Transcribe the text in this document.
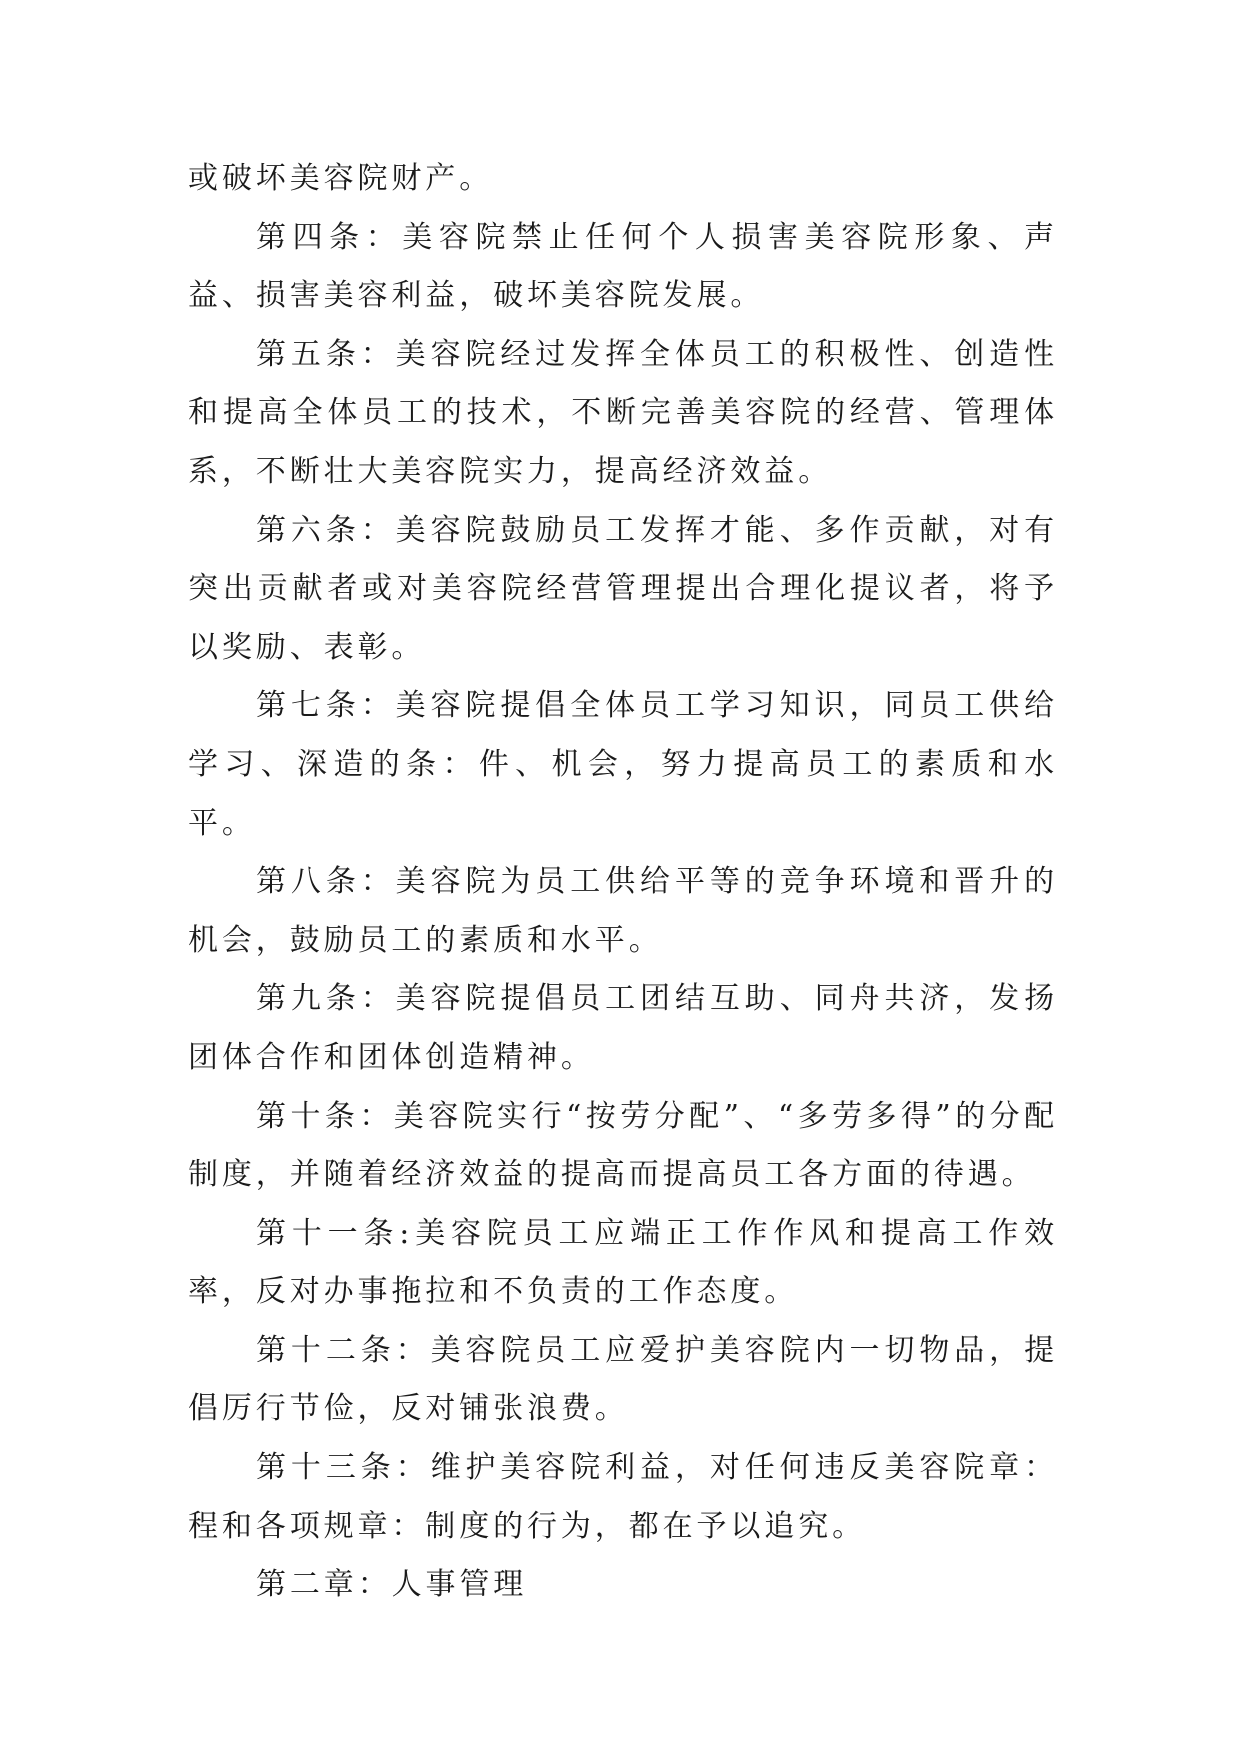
或破坏美容院财产。

第四条：美容院禁止任何个人损害美容院形象、声益、损害美容利益，破坏美容院发展。

第五条：美容院经过发挥全体员工的积极性、创造性和提高全体员工的技术，不断完善美容院的经营、管理体系，不断壮大美容院实力，提高经济效益。

第六条：美容院鼓励员工发挥才能、多作贡献，对有突出贡献者或对美容院经营管理提出合理化提议者，将予以奖励、表彰。

第七条：美容院提倡全体员工学习知识，同员工供给学习、深造的条：件、机会，努力提高员工的素质和水平。

第八条：美容院为员工供给平等的竞争环境和晋升的机会，鼓励员工的素质和水平。

第九条：美容院提倡员工团结互助、同舟共济，发扬团体合作和团体创造精神。

第十条：美容院实行“按劳分配”、“多劳多得”的分配制度，并随着经济效益的提高而提高员工各方面的待遇。

第十一条:美容院员工应端正工作作风和提高工作效率，反对办事拖拉和不负责的工作态度。

第十二条：美容院员工应爱护美容院内一切物品，提倡厉行节俭，反对铺张浪费。

第十三条：维护美容院利益，对任何违反美容院章：程和各项规章：制度的行为，都在予以追究。

第二章：人事管理
